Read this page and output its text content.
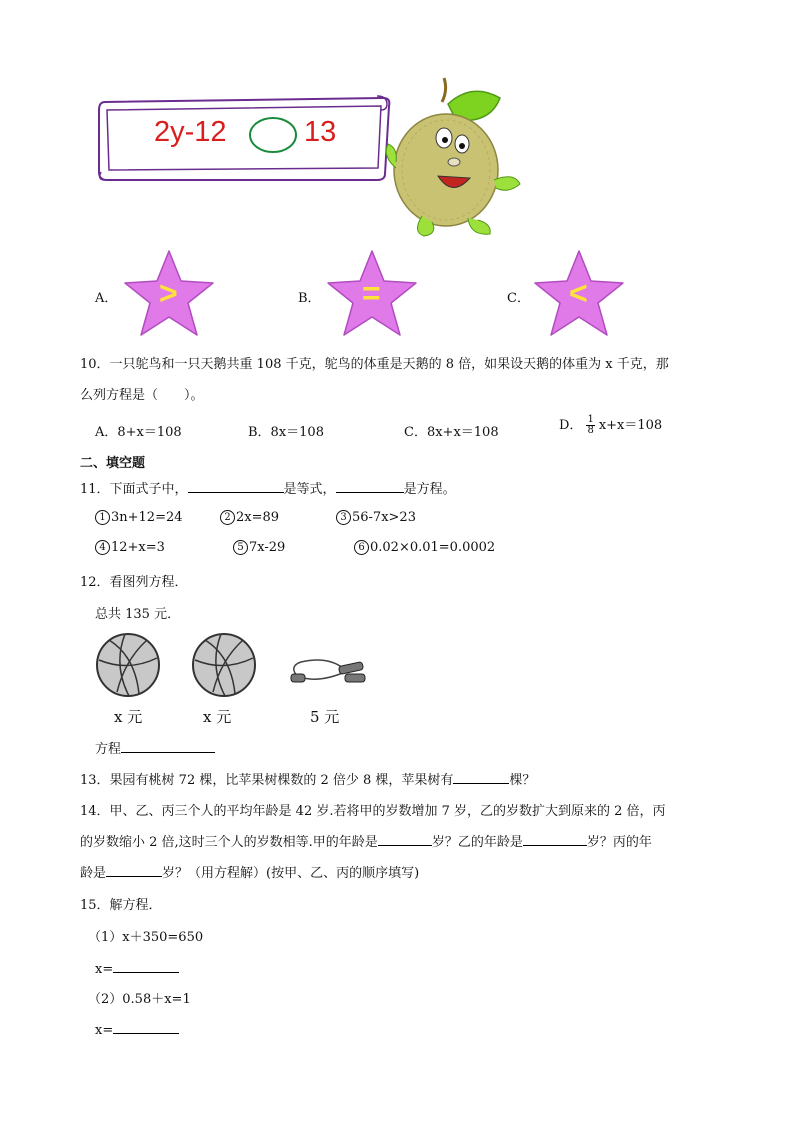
2y-12	13
A． >	B． =	C． <
10．一只鸵鸟和一只天鹅共重 108 千克，鸵鸟的体重是天鹅的 8 倍，如果设天鹅的体重为 x 千克，那
么列方程是（　　）。
A．8+x＝108	B．8x＝108	C．8x+x＝108	D． $\frac{1}{8} x+x=108$
二、填空题
11．下面式子中，	是等式，	是方程。
1 3n+12=24	2 2x=89	3 56-7x>23
4 12+x=3	5 7x-29	6 0.02×0.01=0.0002
12．看图列方程．
总共 135 元．
x 元	x 元	5 元
方程
13．果园有桃树 72 棵，比苹果树棵数的 2 倍少 8 棵，苹果树有	棵？
14．甲、乙、丙三个人的平均年龄是 42 岁.若将甲的岁数增加 7 岁，乙的岁数扩大到原来的 2 倍，丙
的岁数缩小 2 倍,这时三个人的岁数相等.甲的年龄是	岁？乙的年龄是	岁？丙的年
龄是	岁？（用方程解）(按甲、乙、丙的顺序填写)
15．解方程．
（1）x＋350=650
x=
（2）0.58＋x=1
x=
